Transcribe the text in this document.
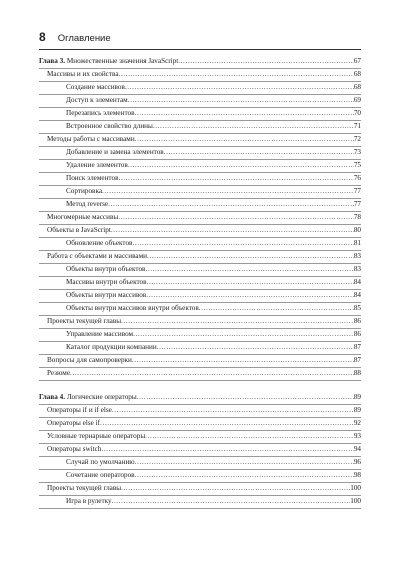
8 Оглавление
Глава 3. Множественные значения JavaScript .....	67
Массивы и их свойства .....	68
Создание массивов .....	68
Доступ к элементам .....	69
Перезапись элементов .....	70
Встроенное свойство длины .....	71
Методы работы с массивами .....	72
Добавление и замена элементов .....	73
Удаление элементов .....	75
Поиск элементов .....	76
Сортировка .....	77
Метод reverse .....	77
Многомерные массивы .....	78
Объекты в JavaScript .....	80
Обновление объектов .....	81
Работа с объектами и массивами .....	83
Объекты внутри объектов .....	83
Массивы внутри объектов .....	84
Объекты внутри массивов .....	84
Объекты внутри массивов внутри объектов .....	85
Проекты текущей главы .....	86
Управление массивом .....	86
Каталог продукции компании .....	87
Вопросы для самопроверки .....	87
Резюме .....	88
Глава 4. Логические операторы .....	89
Операторы if и if else .....	89
Операторы else if .....	92
Условные тернарные операторы .....	93
Операторы switch .....	94
Случай по умолчанию .....	96
Сочетание операторов .....	98
Проекты текущей главы .....	100
Игра в рулетку .....	100
